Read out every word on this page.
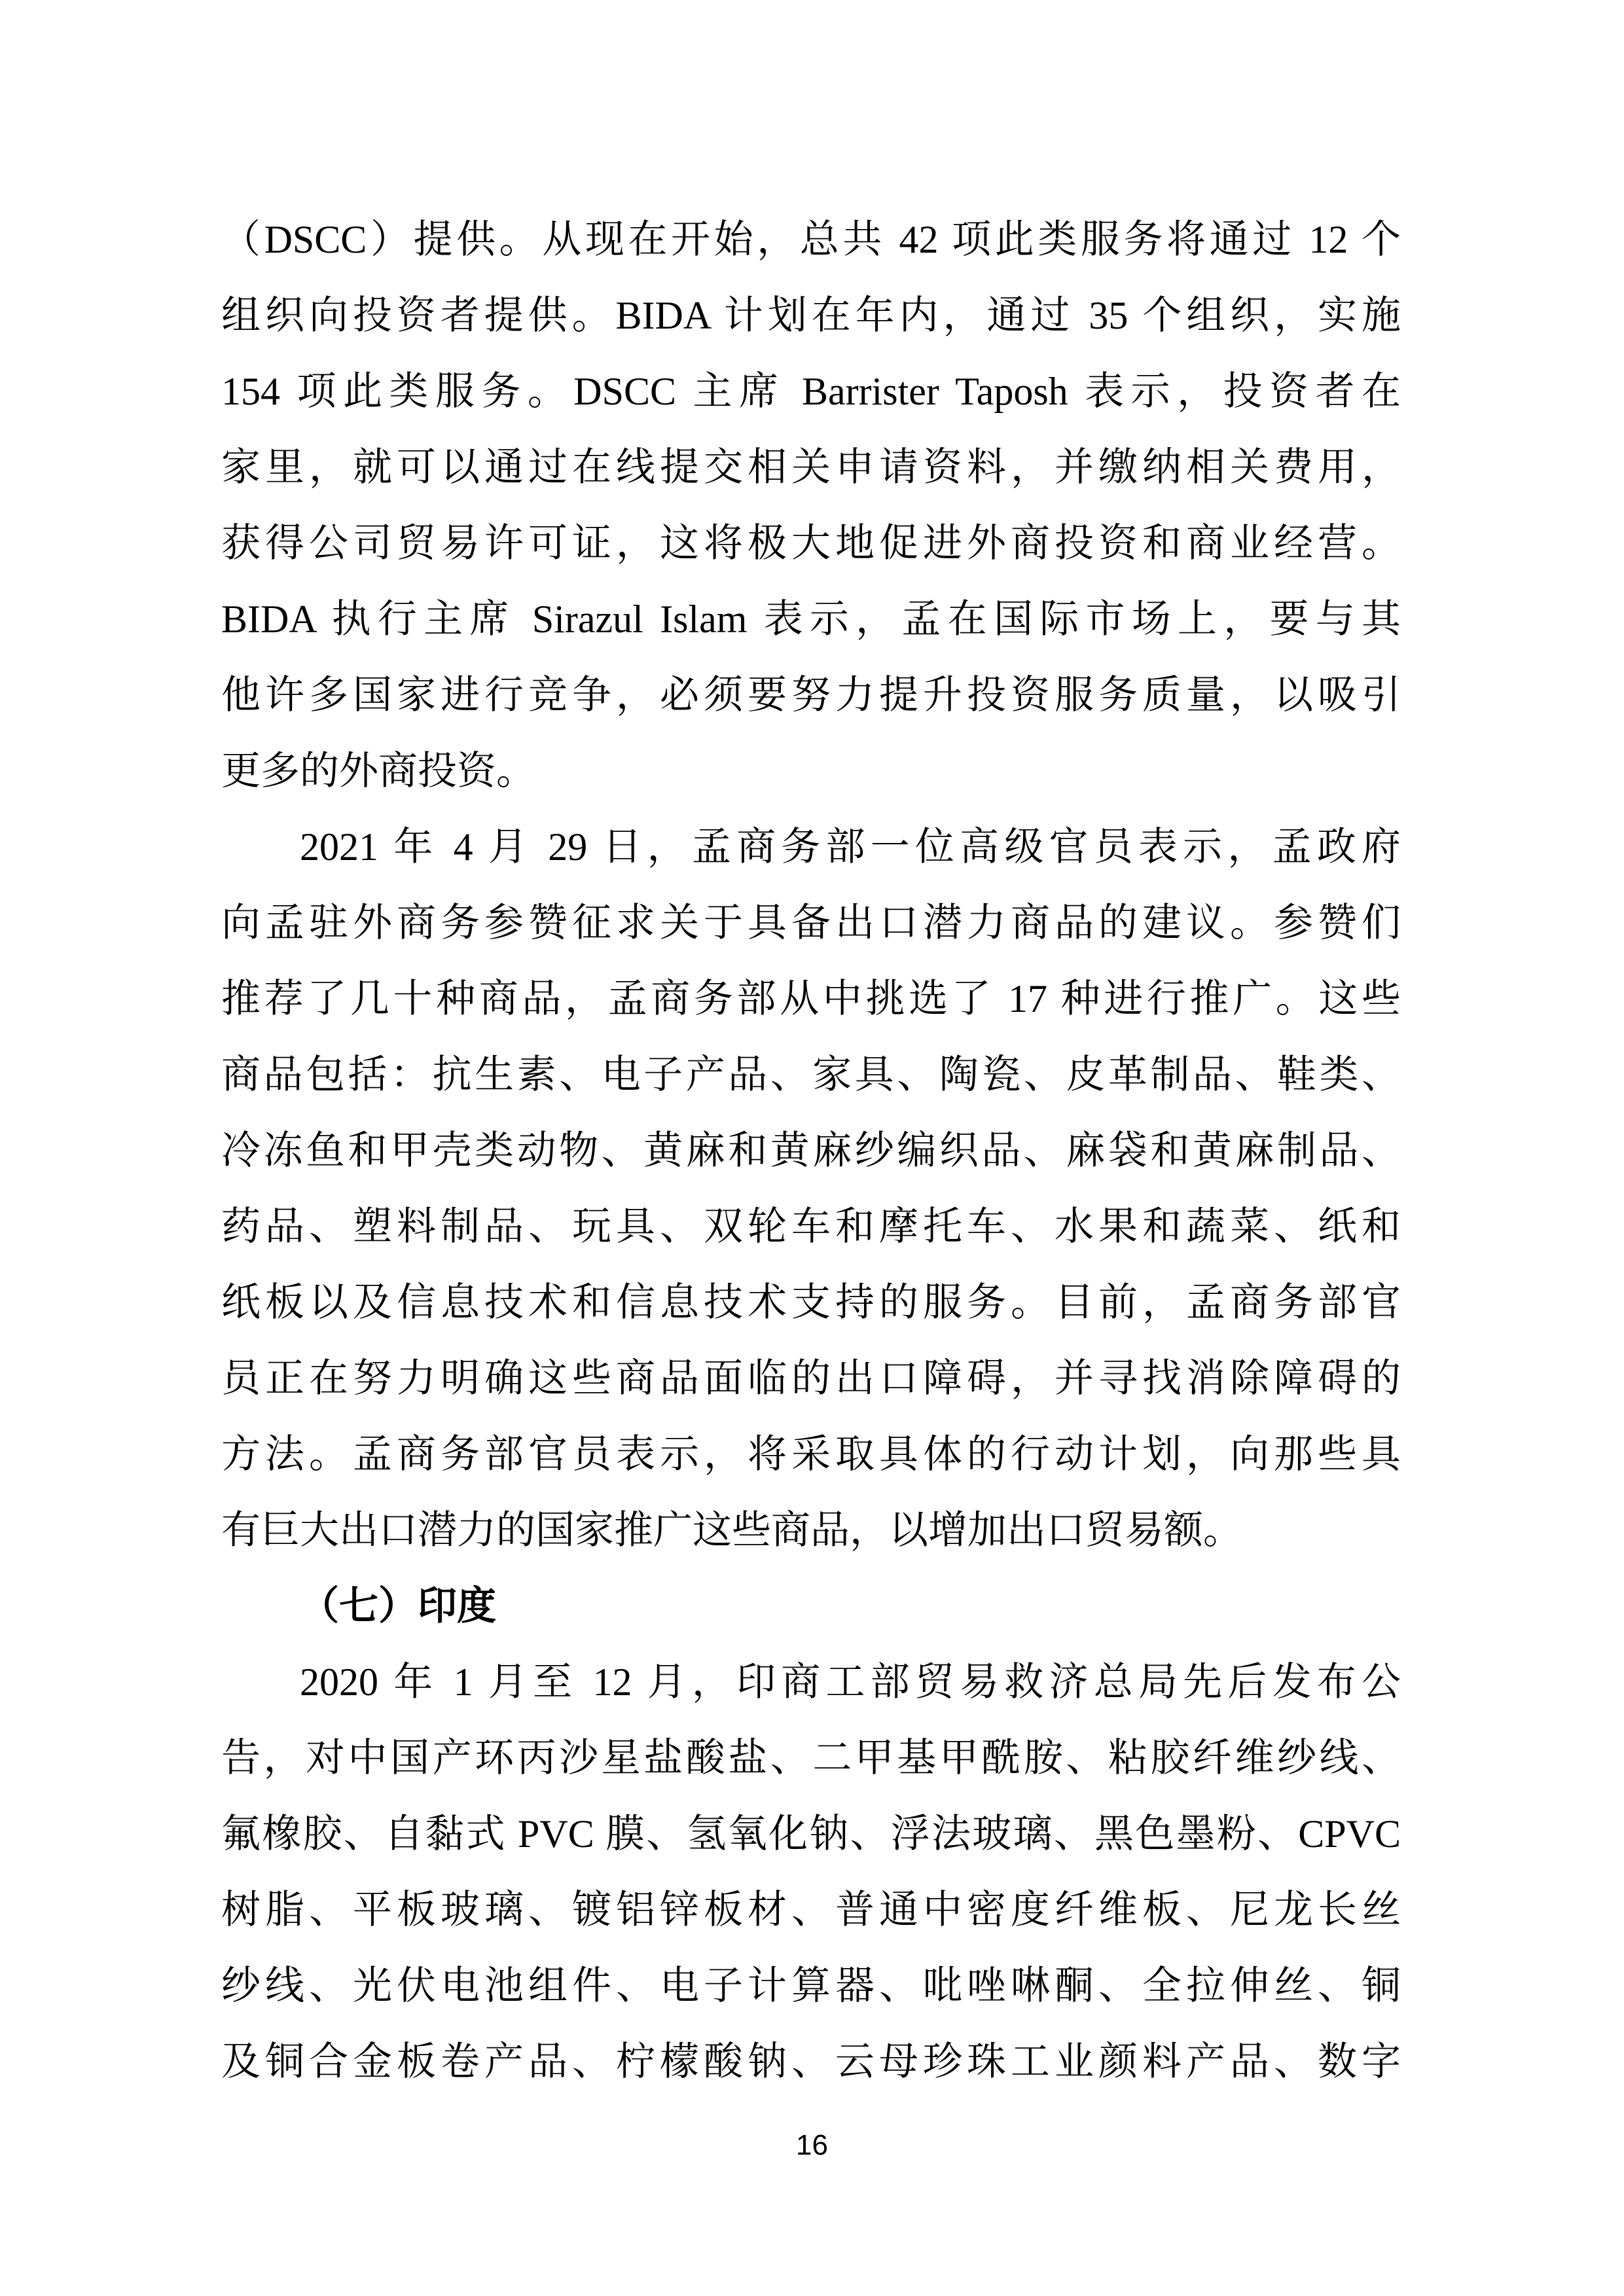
（DSCC）提供。从现在开始，总共 42 项此类服务将通过 12 个
组织向投资者提供。BIDA 计划在年内，通过 35 个组织，实施
154 项此类服务。DSCC 主席 Barrister Taposh 表示，投资者在
家里，就可以通过在线提交相关申请资料，并缴纳相关费用，
获得公司贸易许可证，这将极大地促进外商投资和商业经营。
BIDA 执行主席 Sirazul Islam 表示，孟在国际市场上，要与其
他许多国家进行竞争，必须要努力提升投资服务质量，以吸引
更多的外商投资。
2021 年 4 月 29 日，孟商务部一位高级官员表示，孟政府
向孟驻外商务参赞征求关于具备出口潜力商品的建议。参赞们
推荐了几十种商品，孟商务部从中挑选了 17 种进行推广。这些
商品包括：抗生素、电子产品、家具、陶瓷、皮革制品、鞋类、
冷冻鱼和甲壳类动物、黄麻和黄麻纱编织品、麻袋和黄麻制品、
药品、塑料制品、玩具、双轮车和摩托车、水果和蔬菜、纸和
纸板以及信息技术和信息技术支持的服务。目前，孟商务部官
员正在努力明确这些商品面临的出口障碍，并寻找消除障碍的
方法。孟商务部官员表示，将采取具体的行动计划，向那些具
有巨大出口潜力的国家推广这些商品，以增加出口贸易额。
（七）印度
2020 年 1 月至 12 月，印商工部贸易救济总局先后发布公
告，对中国产环丙沙星盐酸盐、二甲基甲酰胺、粘胶纤维纱线、
氟橡胶、自黏式 PVC 膜、氢氧化钠、浮法玻璃、黑色墨粉、CPVC
树脂、平板玻璃、镀铝锌板材、普通中密度纤维板、尼龙长丝
纱线、光伏电池组件、电子计算器、吡唑啉酮、全拉伸丝、铜
及铜合金板卷产品、柠檬酸钠、云母珍珠工业颜料产品、数字
16
